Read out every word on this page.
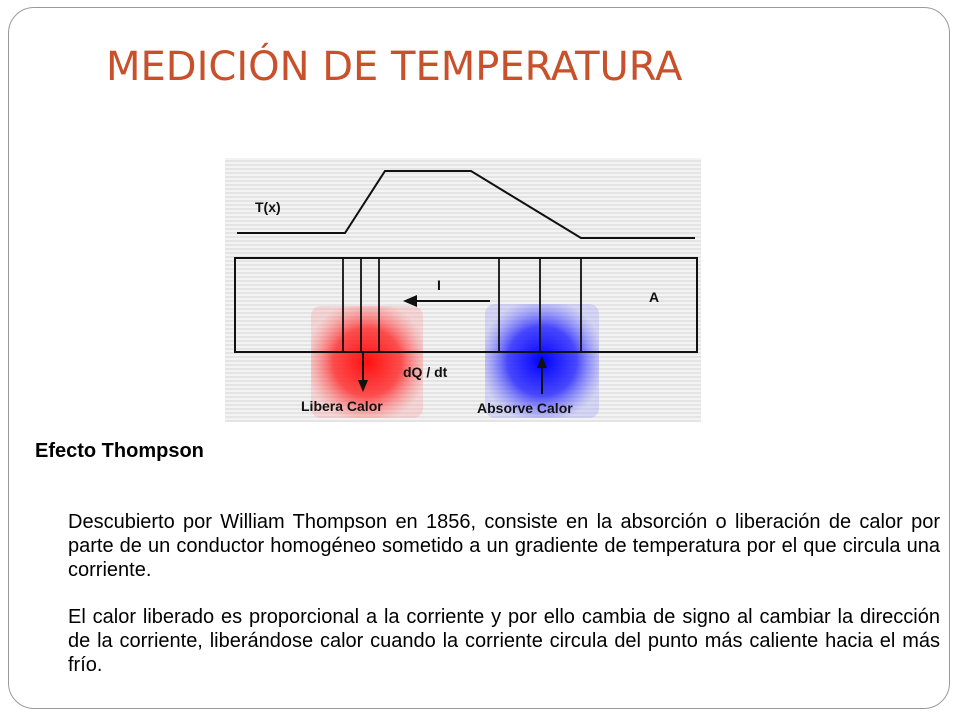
MEDICIÓN DE TEMPERATURA
T(x)
I
A
dQ / dt
Libera Calor	Absorve Calor
Efecto Thompson
Descubierto por William Thompson en 1856, consiste en la absorción o liberación de calor por parte de un conductor homogéneo sometido a un gradiente de temperatura por el que circula una corriente.
El calor liberado es proporcional a la corriente y por ello cambia de signo al cambiar la dirección de la corriente, liberándose calor cuando la corriente circula del punto más caliente hacia el más frío.
